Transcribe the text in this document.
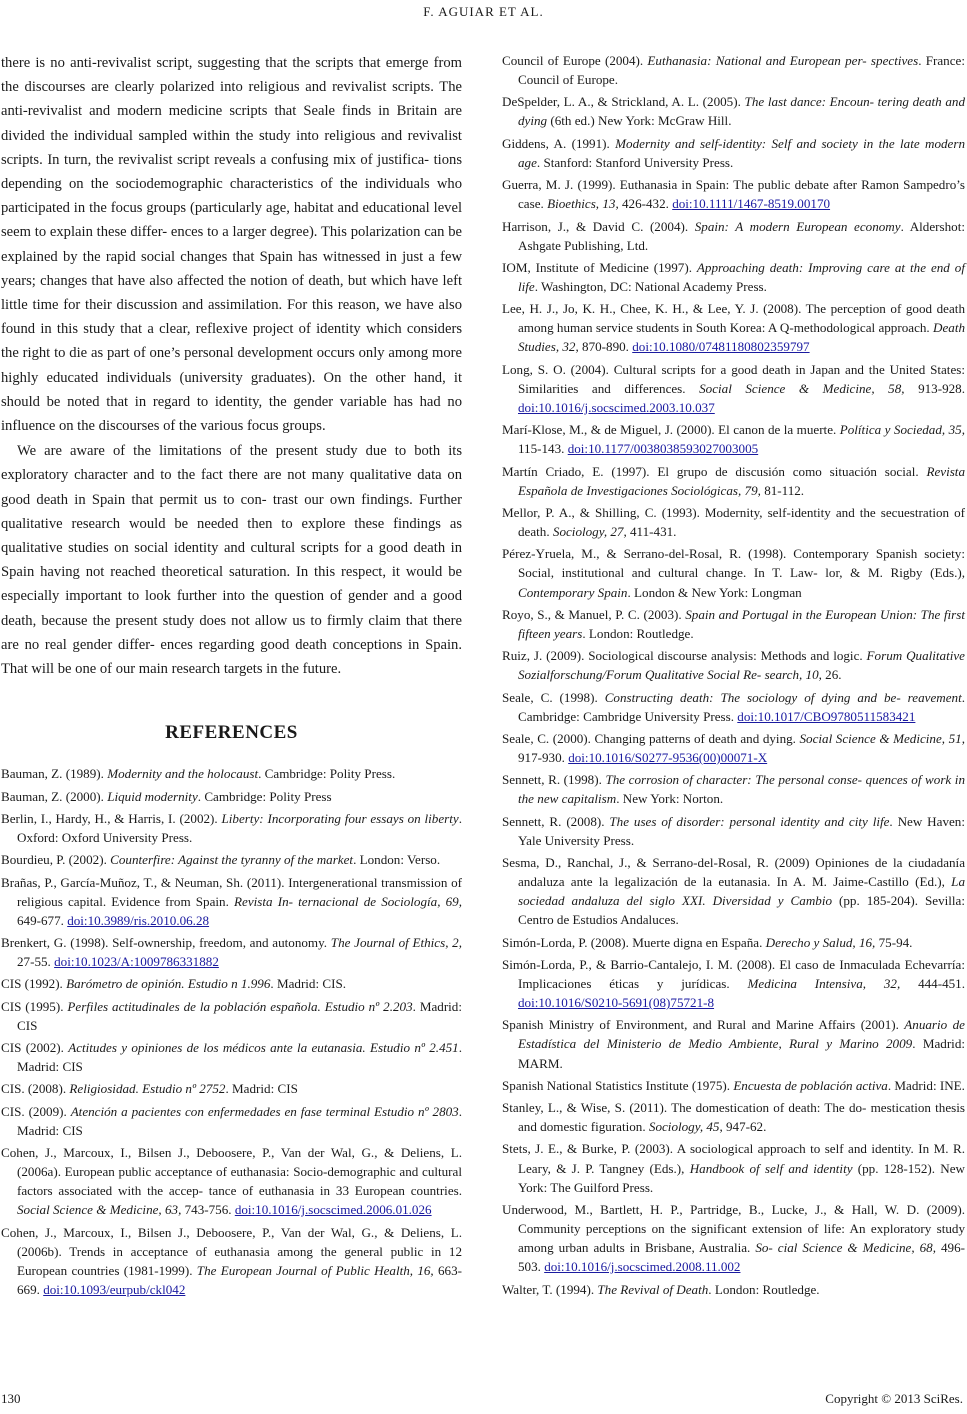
F. AGUIAR ET AL.

there is no anti-revivalist script, suggesting that the scripts that emerge from the discourses are clearly polarized into religious and revivalist scripts. The anti-revivalist and modern medicine scripts that Seale finds in Britain are divided the individual sampled within the study into religious and revivalist scripts. In turn, the revivalist script reveals a confusing mix of justifica- tions depending on the sociodemographic characteristics of the individuals who participated in the focus groups (particularly age, habitat and educational level seem to explain these differ- ences to a larger degree). This polarization can be explained by the rapid social changes that Spain has witnessed in just a few years; changes that have also affected the notion of death, but which have left little time for their discussion and assimilation. For this reason, we have also found in this study that a clear, reflexive project of identity which considers the right to die as part of one’s personal development occurs only among more highly educated individuals (university graduates). On the other hand, it should be noted that in regard to identity, the gender variable has had no influence on the discourses of the various focus groups.

We are aware of the limitations of the present study due to both its exploratory character and to the fact there are not many qualitative data on good death in Spain that permit us to con- trast our own findings. Further qualitative research would be needed then to explore these findings as qualitative studies on social identity and cultural scripts for a good death in Spain having not reached theoretical saturation. In this respect, it would be especially important to look further into the question of gender and a good death, because the present study does not allow us to firmly claim that there are no real gender differ- ences regarding good death conceptions in Spain. That will be one of our main research targets in the future.

REFERENCES

Bauman, Z. (1989). Modernity and the holocaust. Cambridge: Polity Press.

Bauman, Z. (2000). Liquid modernity. Cambridge: Polity Press

Berlin, I., Hardy, H., & Harris, I. (2002). Liberty: Incorporating four essays on liberty. Oxford: Oxford University Press.

Bourdieu, P. (2002). Counterfire: Against the tyranny of the market. London: Verso.

Brañas, P., García-Muñoz, T., & Neuman, Sh. (2011). Intergenerational transmission of religious capital. Evidence from Spain. Revista In- ternacional de Sociología, 69, 649-677. doi:10.3989/ris.2010.06.28

Brenkert, G. (1998). Self-ownership, freedom, and autonomy. The Journal of Ethics, 2, 27-55. doi:10.1023/A:1009786331882

CIS (1992). Barómetro de opinión. Estudio n 1.996. Madrid: CIS.

CIS (1995). Perfiles actitudinales de la población española. Estudio nº 2.203. Madrid: CIS

CIS (2002). Actitudes y opiniones de los médicos ante la eutanasia. Estudio nº 2.451. Madrid: CIS

CIS. (2008). Religiosidad. Estudio nº 2752. Madrid: CIS

CIS. (2009). Atención a pacientes con enfermedades en fase terminal Estudio nº 2803. Madrid: CIS

Cohen, J., Marcoux, I., Bilsen J., Deboosere, P., Van der Wal, G., & Deliens, L. (2006a). European public acceptance of euthanasia: Socio-demographic and cultural factors associated with the accep- tance of euthanasia in 33 European countries. Social Science & Medicine, 63, 743-756. doi:10.1016/j.socscimed.2006.01.026

Cohen, J., Marcoux, I., Bilsen J., Deboosere, P., Van der Wal, G., & Deliens, L. (2006b). Trends in acceptance of euthanasia among the general public in 12 European countries (1981-1999). The European Journal of Public Health, 16, 663-669. doi:10.1093/eurpub/ckl042

Council of Europe (2004). Euthanasia: National and European per- spectives. France: Council of Europe.

DeSpelder, L. A., & Strickland, A. L. (2005). The last dance: Encoun- tering death and dying (6th ed.) New York: McGraw Hill.

Giddens, A. (1991). Modernity and self-identity: Self and society in the late modern age. Stanford: Stanford University Press.

Guerra, M. J. (1999). Euthanasia in Spain: The public debate after Ramon Sampedro’s case. Bioethics, 13, 426-432. doi:10.1111/1467-8519.00170

Harrison, J., & David C. (2004). Spain: A modern European economy. Aldershot: Ashgate Publishing, Ltd.

IOM, Institute of Medicine (1997). Approaching death: Improving care at the end of life. Washington, DC: National Academy Press.

Lee, H. J., Jo, K. H., Chee, K. H., & Lee, Y. J. (2008). The perception of good death among human service students in South Korea: A Q-methodological approach. Death Studies, 32, 870-890. doi:10.1080/07481180802359797

Long, S. O. (2004). Cultural scripts for a good death in Japan and the United States: Similarities and differences. Social Science & Medicine, 58, 913-928. doi:10.1016/j.socscimed.2003.10.037

Marí-Klose, M., & de Miguel, J. (2000). El canon de la muerte. Política y Sociedad, 35, 115-143. doi:10.1177/0038038593027003005

Martín Criado, E. (1997). El grupo de discusión como situación social. Revista Española de Investigaciones Sociológicas, 79, 81-112.

Mellor, P. A., & Shilling, C. (1993). Modernity, self-identity and the secuestration of death. Sociology, 27, 411-431.

Pérez-Yruela, M., & Serrano-del-Rosal, R. (1998). Contemporary Spanish society: Social, institutional and cultural change. In T. Law- lor, & M. Rigby (Eds.), Contemporary Spain. London & New York: Longman

Royo, S., & Manuel, P. C. (2003). Spain and Portugal in the European Union: The first fifteen years. London: Routledge.

Ruiz, J. (2009). Sociological discourse analysis: Methods and logic. Forum Qualitative Sozialforschung/Forum Qualitative Social Re- search, 10, 26.

Seale, C. (1998). Constructing death: The sociology of dying and be- reavement. Cambridge: Cambridge University Press. doi:10.1017/CBO9780511583421

Seale, C. (2000). Changing patterns of death and dying. Social Science & Medicine, 51, 917-930. doi:10.1016/S0277-9536(00)00071-X

Sennett, R. (1998). The corrosion of character: The personal conse- quences of work in the new capitalism. New York: Norton.

Sennett, R. (2008). The uses of disorder: personal identity and city life. New Haven: Yale University Press.

Sesma, D., Ranchal, J., & Serrano-del-Rosal, R. (2009) Opiniones de la ciudadanía andaluza ante la legalización de la eutanasia. In A. M. Jaime-Castillo (Ed.), La sociedad andaluza del siglo XXI. Diversidad y Cambio (pp. 185-204). Sevilla: Centro de Estudios Andaluces.

Simón-Lorda, P. (2008). Muerte digna en España. Derecho y Salud, 16, 75-94.

Simón-Lorda, P., & Barrio-Cantalejo, I. M. (2008). El caso de Inmaculada Echevarría: Implicaciones éticas y jurídicas. Medicina Intensiva, 32, 444-451. doi:10.1016/S0210-5691(08)75721-8

Spanish Ministry of Environment, and Rural and Marine Affairs (2001). Anuario de Estadística del Ministerio de Medio Ambiente, Rural y Marino 2009. Madrid: MARM.

Spanish National Statistics Institute (1975). Encuesta de población activa. Madrid: INE.

Stanley, L., & Wise, S. (2011). The domestication of death: The do- mestication thesis and domestic figuration. Sociology, 45, 947-62.

Stets, J. E., & Burke, P. (2003). A sociological approach to self and identity. In M. R. Leary, & J. P. Tangney (Eds.), Handbook of self and identity (pp. 128-152). New York: The Guilford Press.

Underwood, M., Bartlett, H. P., Partridge, B., Lucke, J., & Hall, W. D. (2009). Community perceptions on the significant extension of life: An exploratory study among urban adults in Brisbane, Australia. So- cial Science & Medicine, 68, 496-503. doi:10.1016/j.socscimed.2008.11.002

Walter, T. (1994). The Revival of Death. London: Routledge.

130	Copyright © 2013 SciRes.
